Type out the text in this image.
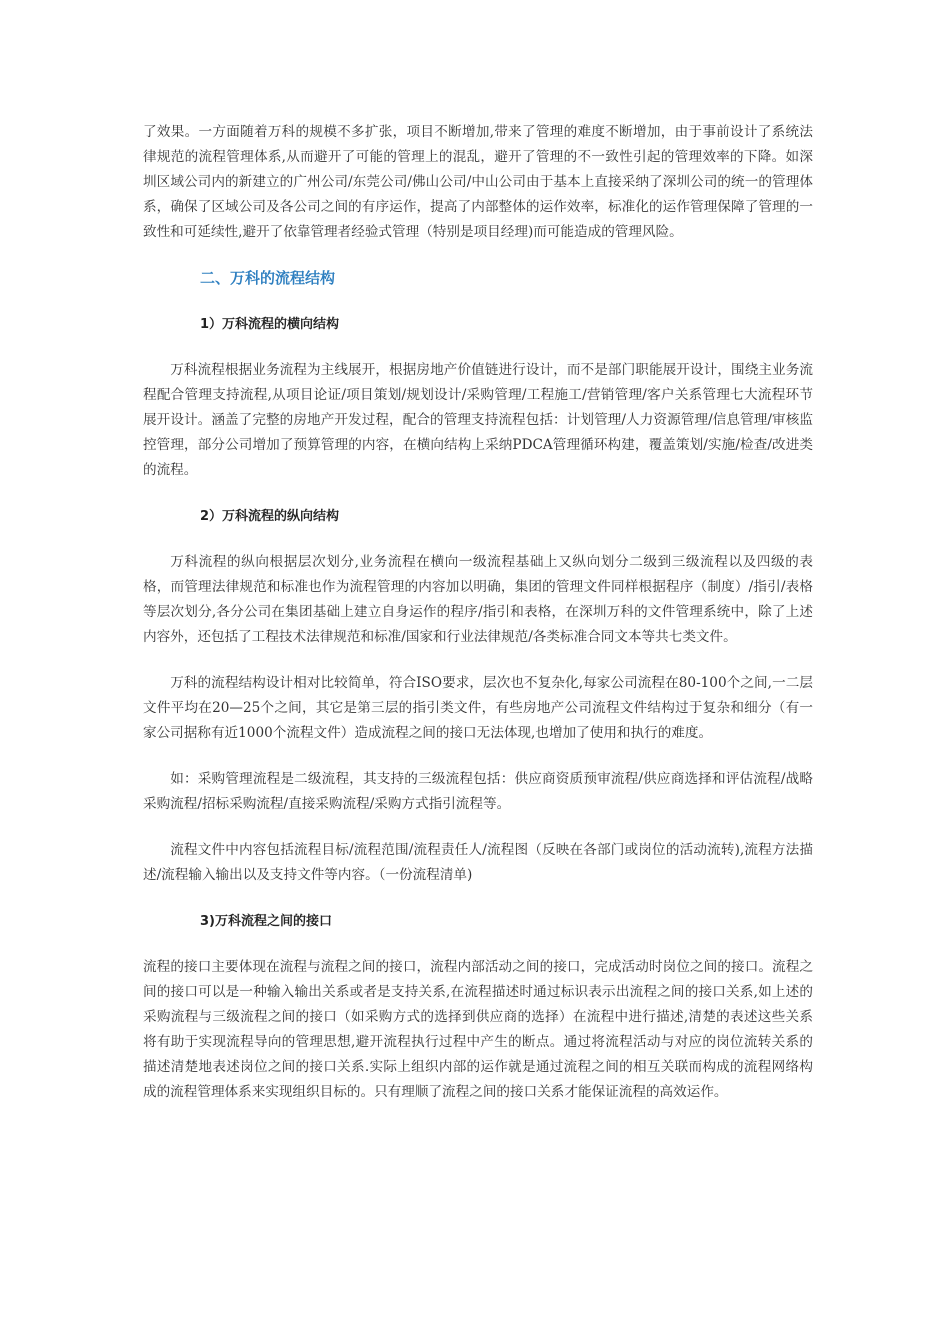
了效果。一方面随着万科的规模不多扩张，项目不断增加,带来了管理的难度不断增加，由于事前设计了系统法律规范的流程管理体系,从而避开了可能的管理上的混乱，避开了管理的不一致性引起的管理效率的下降。如深圳区域公司内的新建立的广州公司/东莞公司/佛山公司/中山公司由于基本上直接采纳了深圳公司的统一的管理体系，确保了区域公司及各公司之间的有序运作，提高了内部整体的运作效率，标准化的运作管理保障了管理的一致性和可延续性,避开了依靠管理者经验式管理（特别是项目经理)而可能造成的管理风险。

二、万科的流程结构

1）万科流程的横向结构

万科流程根据业务流程为主线展开，根据房地产价值链进行设计，而不是部门职能展开设计，围绕主业务流程配合管理支持流程,从项目论证/项目策划/规划设计/采购管理/工程施工/营销管理/客户关系管理七大流程环节展开设计。涵盖了完整的房地产开发过程，配合的管理支持流程包括：计划管理/人力资源管理/信息管理/审核监控管理，部分公司增加了预算管理的内容，在横向结构上采纳PDCA管理循环构建，覆盖策划/实施/检查/改进类的流程。

2）万科流程的纵向结构

万科流程的纵向根据层次划分,业务流程在横向一级流程基础上又纵向划分二级到三级流程以及四级的表格，而管理法律规范和标准也作为流程管理的内容加以明确，集团的管理文件同样根据程序（制度）/指引/表格等层次划分,各分公司在集团基础上建立自身运作的程序/指引和表格，在深圳万科的文件管理系统中，除了上述内容外，还包括了工程技术法律规范和标准/国家和行业法律规范/各类标准合同文本等共七类文件。

万科的流程结构设计相对比较简单，符合ISO要求，层次也不复杂化,每家公司流程在80-100个之间,一二层文件平均在20—25个之间，其它是第三层的指引类文件，有些房地产公司流程文件结构过于复杂和细分（有一家公司据称有近1000个流程文件）造成流程之间的接口无法体现,也增加了使用和执行的难度。

如：采购管理流程是二级流程，其支持的三级流程包括：供应商资质预审流程/供应商选择和评估流程/战略采购流程/招标采购流程/直接采购流程/采购方式指引流程等。

流程文件中内容包括流程目标/流程范围/流程责任人/流程图（反映在各部门或岗位的活动流转),流程方法描述/流程输入输出以及支持文件等内容。（一份流程清单)

3)万科流程之间的接口

流程的接口主要体现在流程与流程之间的接口，流程内部活动之间的接口，完成活动时岗位之间的接口。流程之间的接口可以是一种输入输出关系或者是支持关系,在流程描述时通过标识表示出流程之间的接口关系,如上述的采购流程与三级流程之间的接口（如采购方式的选择到供应商的选择）在流程中进行描述,清楚的表述这些关系将有助于实现流程导向的管理思想,避开流程执行过程中产生的断点。通过将流程活动与对应的岗位流转关系的描述清楚地表述岗位之间的接口关系.实际上组织内部的运作就是通过流程之间的相互关联而构成的流程网络构成的流程管理体系来实现组织目标的。只有理顺了流程之间的接口关系才能保证流程的高效运作。
